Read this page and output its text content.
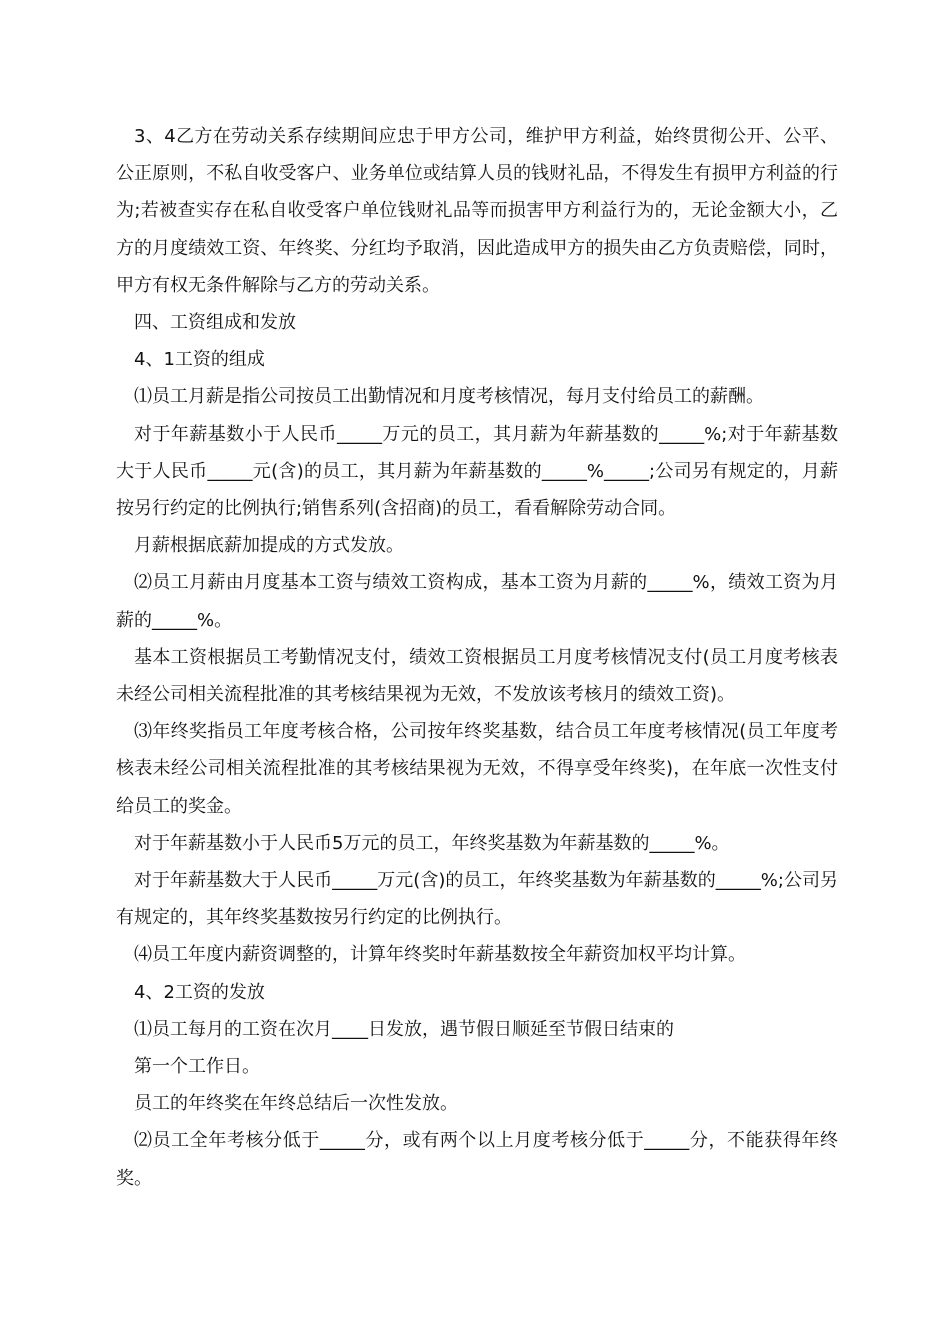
3、4乙方在劳动关系存续期间应忠于甲方公司，维护甲方利益，始终贯彻公开、公平、公正原则，不私自收受客户、业务单位或结算人员的钱财礼品，不得发生有损甲方利益的行为;若被查实存在私自收受客户单位钱财礼品等而损害甲方利益行为的，无论金额大小，乙方的月度绩效工资、年终奖、分红均予取消，因此造成甲方的损失由乙方负责赔偿，同时，甲方有权无条件解除与乙方的劳动关系。

四、工资组成和发放

4、1工资的组成

⑴员工月薪是指公司按员工出勤情况和月度考核情况，每月支付给员工的薪酬。

对于年薪基数小于人民币_____万元的员工，其月薪为年薪基数的_____%;对于年薪基数大于人民币_____元(含)的员工，其月薪为年薪基数的_____%_____;公司另有规定的，月薪按另行约定的比例执行;销售系列(含招商)的员工，看看解除劳动合同。

月薪根据底薪加提成的方式发放。

⑵员工月薪由月度基本工资与绩效工资构成，基本工资为月薪的_____%，绩效工资为月薪的_____%。

基本工资根据员工考勤情况支付，绩效工资根据员工月度考核情况支付(员工月度考核表未经公司相关流程批准的其考核结果视为无效，不发放该考核月的绩效工资)。

⑶年终奖指员工年度考核合格，公司按年终奖基数，结合员工年度考核情况(员工年度考核表未经公司相关流程批准的其考核结果视为无效，不得享受年终奖)，在年底一次性支付给员工的奖金。

对于年薪基数小于人民币5万元的员工，年终奖基数为年薪基数的_____%。

对于年薪基数大于人民币_____万元(含)的员工，年终奖基数为年薪基数的_____%;公司另有规定的，其年终奖基数按另行约定的比例执行。

⑷员工年度内薪资调整的，计算年终奖时年薪基数按全年薪资加权平均计算。

4、2工资的发放

⑴员工每月的工资在次月____日发放，遇节假日顺延至节假日结束的

第一个工作日。

员工的年终奖在年终总结后一次性发放。

⑵员工全年考核分低于_____分，或有两个以上月度考核分低于_____分，不能获得年终奖。
